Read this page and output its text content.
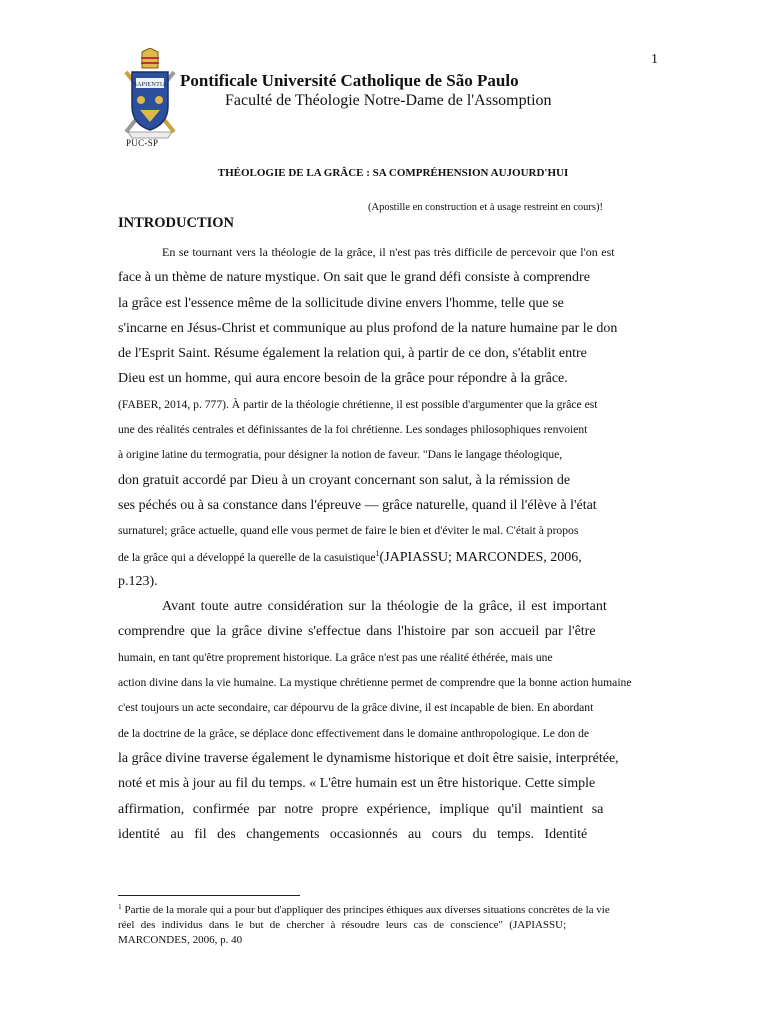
1
SAPIENTIA
PUC-SP
Pontificale Université Catholique de São Paulo
Faculté de Théologie Notre-Dame de l'Assomption
THÉOLOGIE DE LA GRÂCE : SA COMPRÉHENSION AUJOURD'HUI
(Apostille en construction et à usage restreint en cours)!
INTRODUCTION
En se tournant vers la théologie de la grâce, il n'est pas très difficile de percevoir que l'on est
face à un thème de nature mystique. On sait que le grand défi consiste à comprendre
la grâce est l'essence même de la sollicitude divine envers l'homme, telle que se
s'incarne en Jésus-Christ et communique au plus profond de la nature humaine par le don
de l'Esprit Saint. Résume également la relation qui, à partir de ce don, s'établit entre
Dieu est un homme, qui aura encore besoin de la grâce pour répondre à la grâce.
(FABER, 2014, p. 777). À partir de la théologie chrétienne, il est possible d'argumenter que la grâce est
une des réalités centrales et définissantes de la foi chrétienne. Les sondages philosophiques renvoient
à origine latine du termogratia, pour désigner la notion de faveur. "Dans le langage théologique,
don gratuit accordé par Dieu à un croyant concernant son salut, à la rémission de
ses péchés ou à sa constance dans l'épreuve — grâce naturelle, quand il l'élève à l'état
surnaturel; grâce actuelle, quand elle vous permet de faire le bien et d'éviter le mal. C'était à propos
de la grâce qui a développé la querelle de la casuistique$^1$(JAPIASSU; MARCONDES, 2006,
p.123).
Avant toute autre considération sur la théologie de la grâce, il est important
comprendre que la grâce divine s'effectue dans l'histoire par son accueil par l'être
humain, en tant qu'être proprement historique. La grâce n'est pas une réalité éthérée, mais une
action divine dans la vie humaine. La mystique chrétienne permet de comprendre que la bonne action humaine
c'est toujours un acte secondaire, car dépourvu de la grâce divine, il est incapable de bien. En abordant
de la doctrine de la grâce, se déplace donc effectivement dans le domaine anthropologique. Le don de
la grâce divine traverse également le dynamisme historique et doit être saisie, interprétée,
noté et mis à jour au fil du temps. « L'être humain est un être historique. Cette simple
affirmation, confirmée par notre propre expérience, implique qu'il maintient sa
identité au fil des changements occasionnés au cours du temps. Identité
$^1$ Partie de la morale qui a pour but d'appliquer des principes éthiques aux diverses situations concrètes de la vie
réel des individus dans le but de chercher à résoudre leurs cas de conscience" (JAPIASSU;
MARCONDES, 2006, p. 40
